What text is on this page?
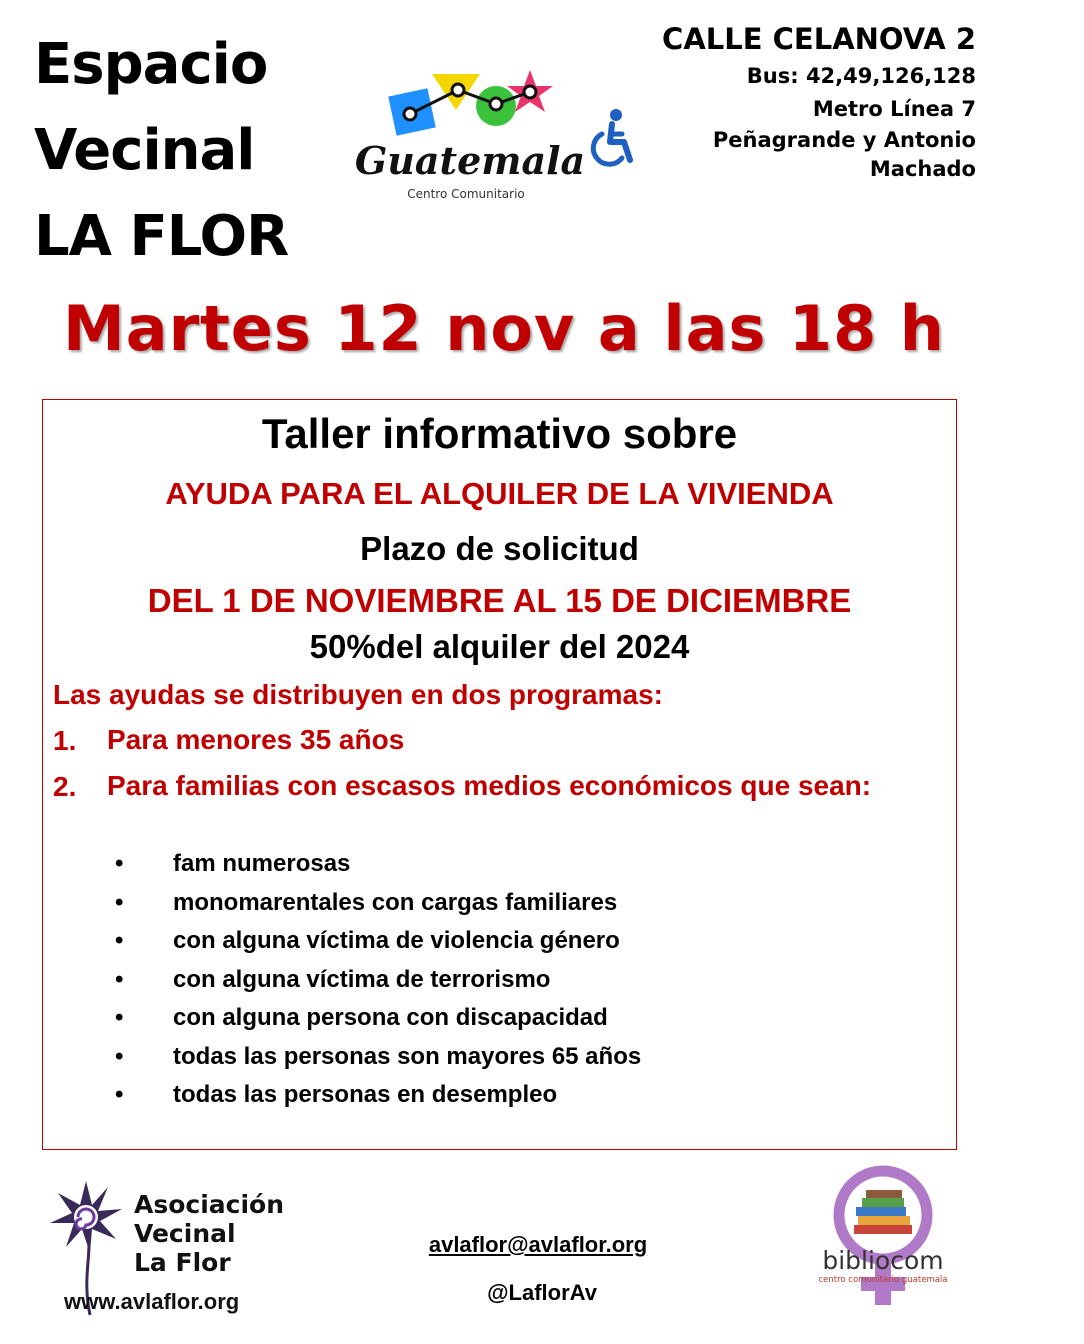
Espacio
Vecinal
LA FLOR
Guatemala
Centro Comunitario
CALLE CELANOVA 2
Bus: 42,49,126,128
Metro Línea 7
Peñagrande y Antonio
Machado
Martes 12 nov a las 18 h
Taller informativo sobre
AYUDA PARA EL ALQUILER DE LA VIVIENDA
Plazo de solicitud
DEL 1 DE NOVIEMBRE AL 15 DE DICIEMBRE
50%del alquiler del 2024
Las ayudas se distribuyen en dos programas:
1. Para menores 35 años
2. Para familias con escasos medios económicos que sean:
• fam numerosas
• monomarentales con cargas familiares
• con alguna víctima de violencia género
• con alguna víctima de terrorismo
• con alguna persona con discapacidad
• todas las personas son mayores 65 años
• todas las personas en desempleo
Asociación
Vecinal
La Flor
www.avlaflor.org
avlaflor@avlaflor.org
@LaflorAv
bibliocom
centro comunitario guatemala
